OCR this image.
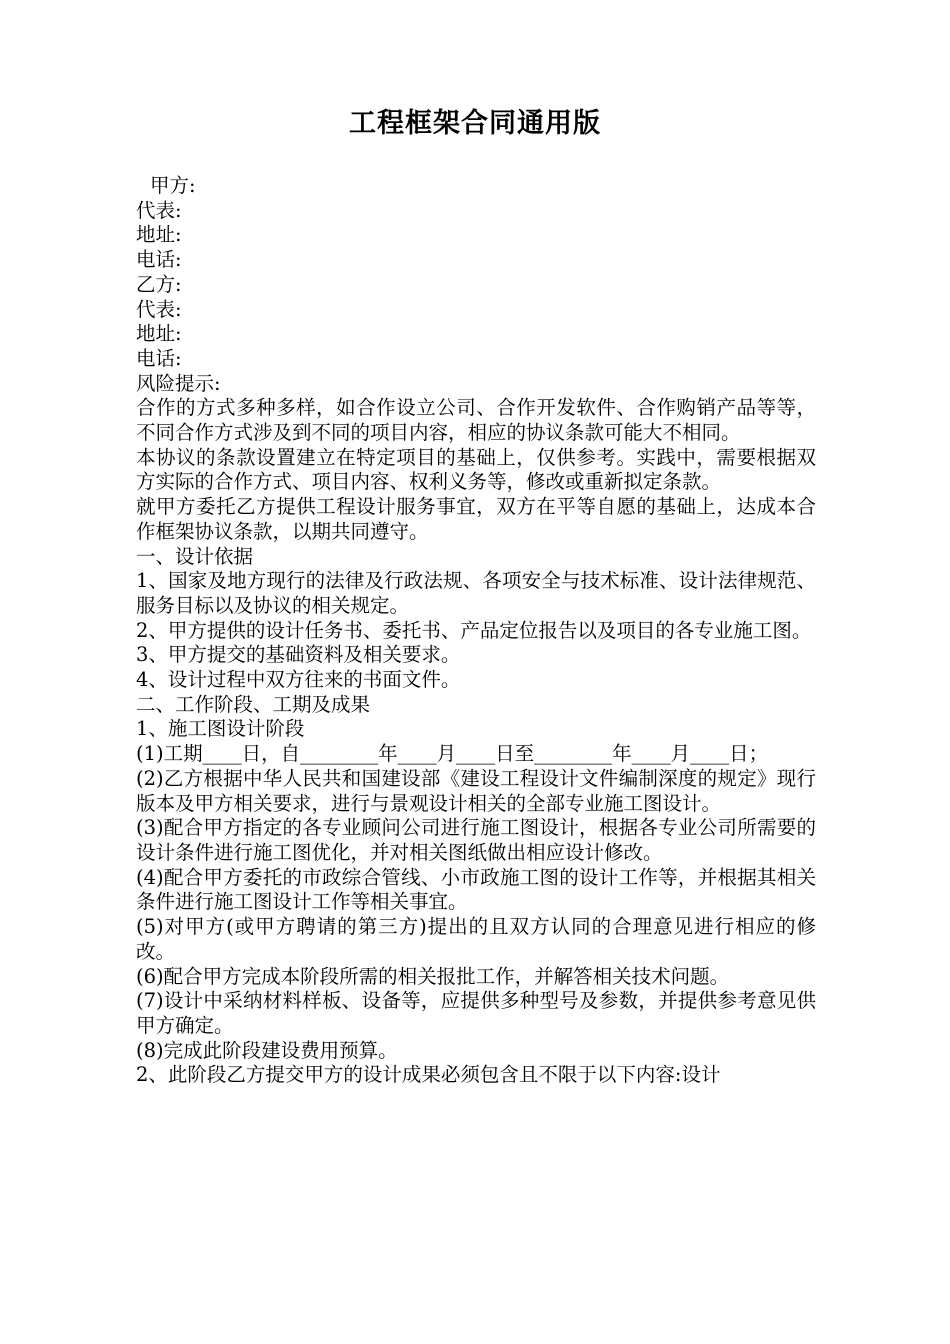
工程框架合同通用版

甲方:

代表:

地址:

电话:

乙方:

代表:

地址:

电话:

风险提示:

合作的方式多种多样，如合作设立公司、合作开发软件、合作购销产品等等，不同合作方式涉及到不同的项目内容，相应的协议条款可能大不相同。

本协议的条款设置建立在特定项目的基础上，仅供参考。实践中，需要根据双方实际的合作方式、项目内容、权利义务等，修改或重新拟定条款。

就甲方委托乙方提供工程设计服务事宜，双方在平等自愿的基础上，达成本合作框架协议条款，以期共同遵守。

一、设计依据

1、国家及地方现行的法律及行政法规、各项安全与技术标准、设计法律规范、服务目标以及协议的相关规定。

2、甲方提供的设计任务书、委托书、产品定位报告以及项目的各专业施工图。

3、甲方提交的基础资料及相关要求。

4、设计过程中双方往来的书面文件。

二、工作阶段、工期及成果

1、施工图设计阶段

(1)工期____日，自________年____月____日至________年____月____日；

(2)乙方根据中华人民共和国建设部《建设工程设计文件编制深度的规定》现行版本及甲方相关要求，进行与景观设计相关的全部专业施工图设计。

(3)配合甲方指定的各专业顾问公司进行施工图设计，根据各专业公司所需要的设计条件进行施工图优化，并对相关图纸做出相应设计修改。

(4)配合甲方委托的市政综合管线、小市政施工图的设计工作等，并根据其相关条件进行施工图设计工作等相关事宜。

(5)对甲方(或甲方聘请的第三方)提出的且双方认同的合理意见进行相应的修改。

(6)配合甲方完成本阶段所需的相关报批工作，并解答相关技术问题。

(7)设计中采纳材料样板、设备等，应提供多种型号及参数，并提供参考意见供甲方确定。

(8)完成此阶段建设费用预算。

2、此阶段乙方提交甲方的设计成果必须包含且不限于以下内容:设计
